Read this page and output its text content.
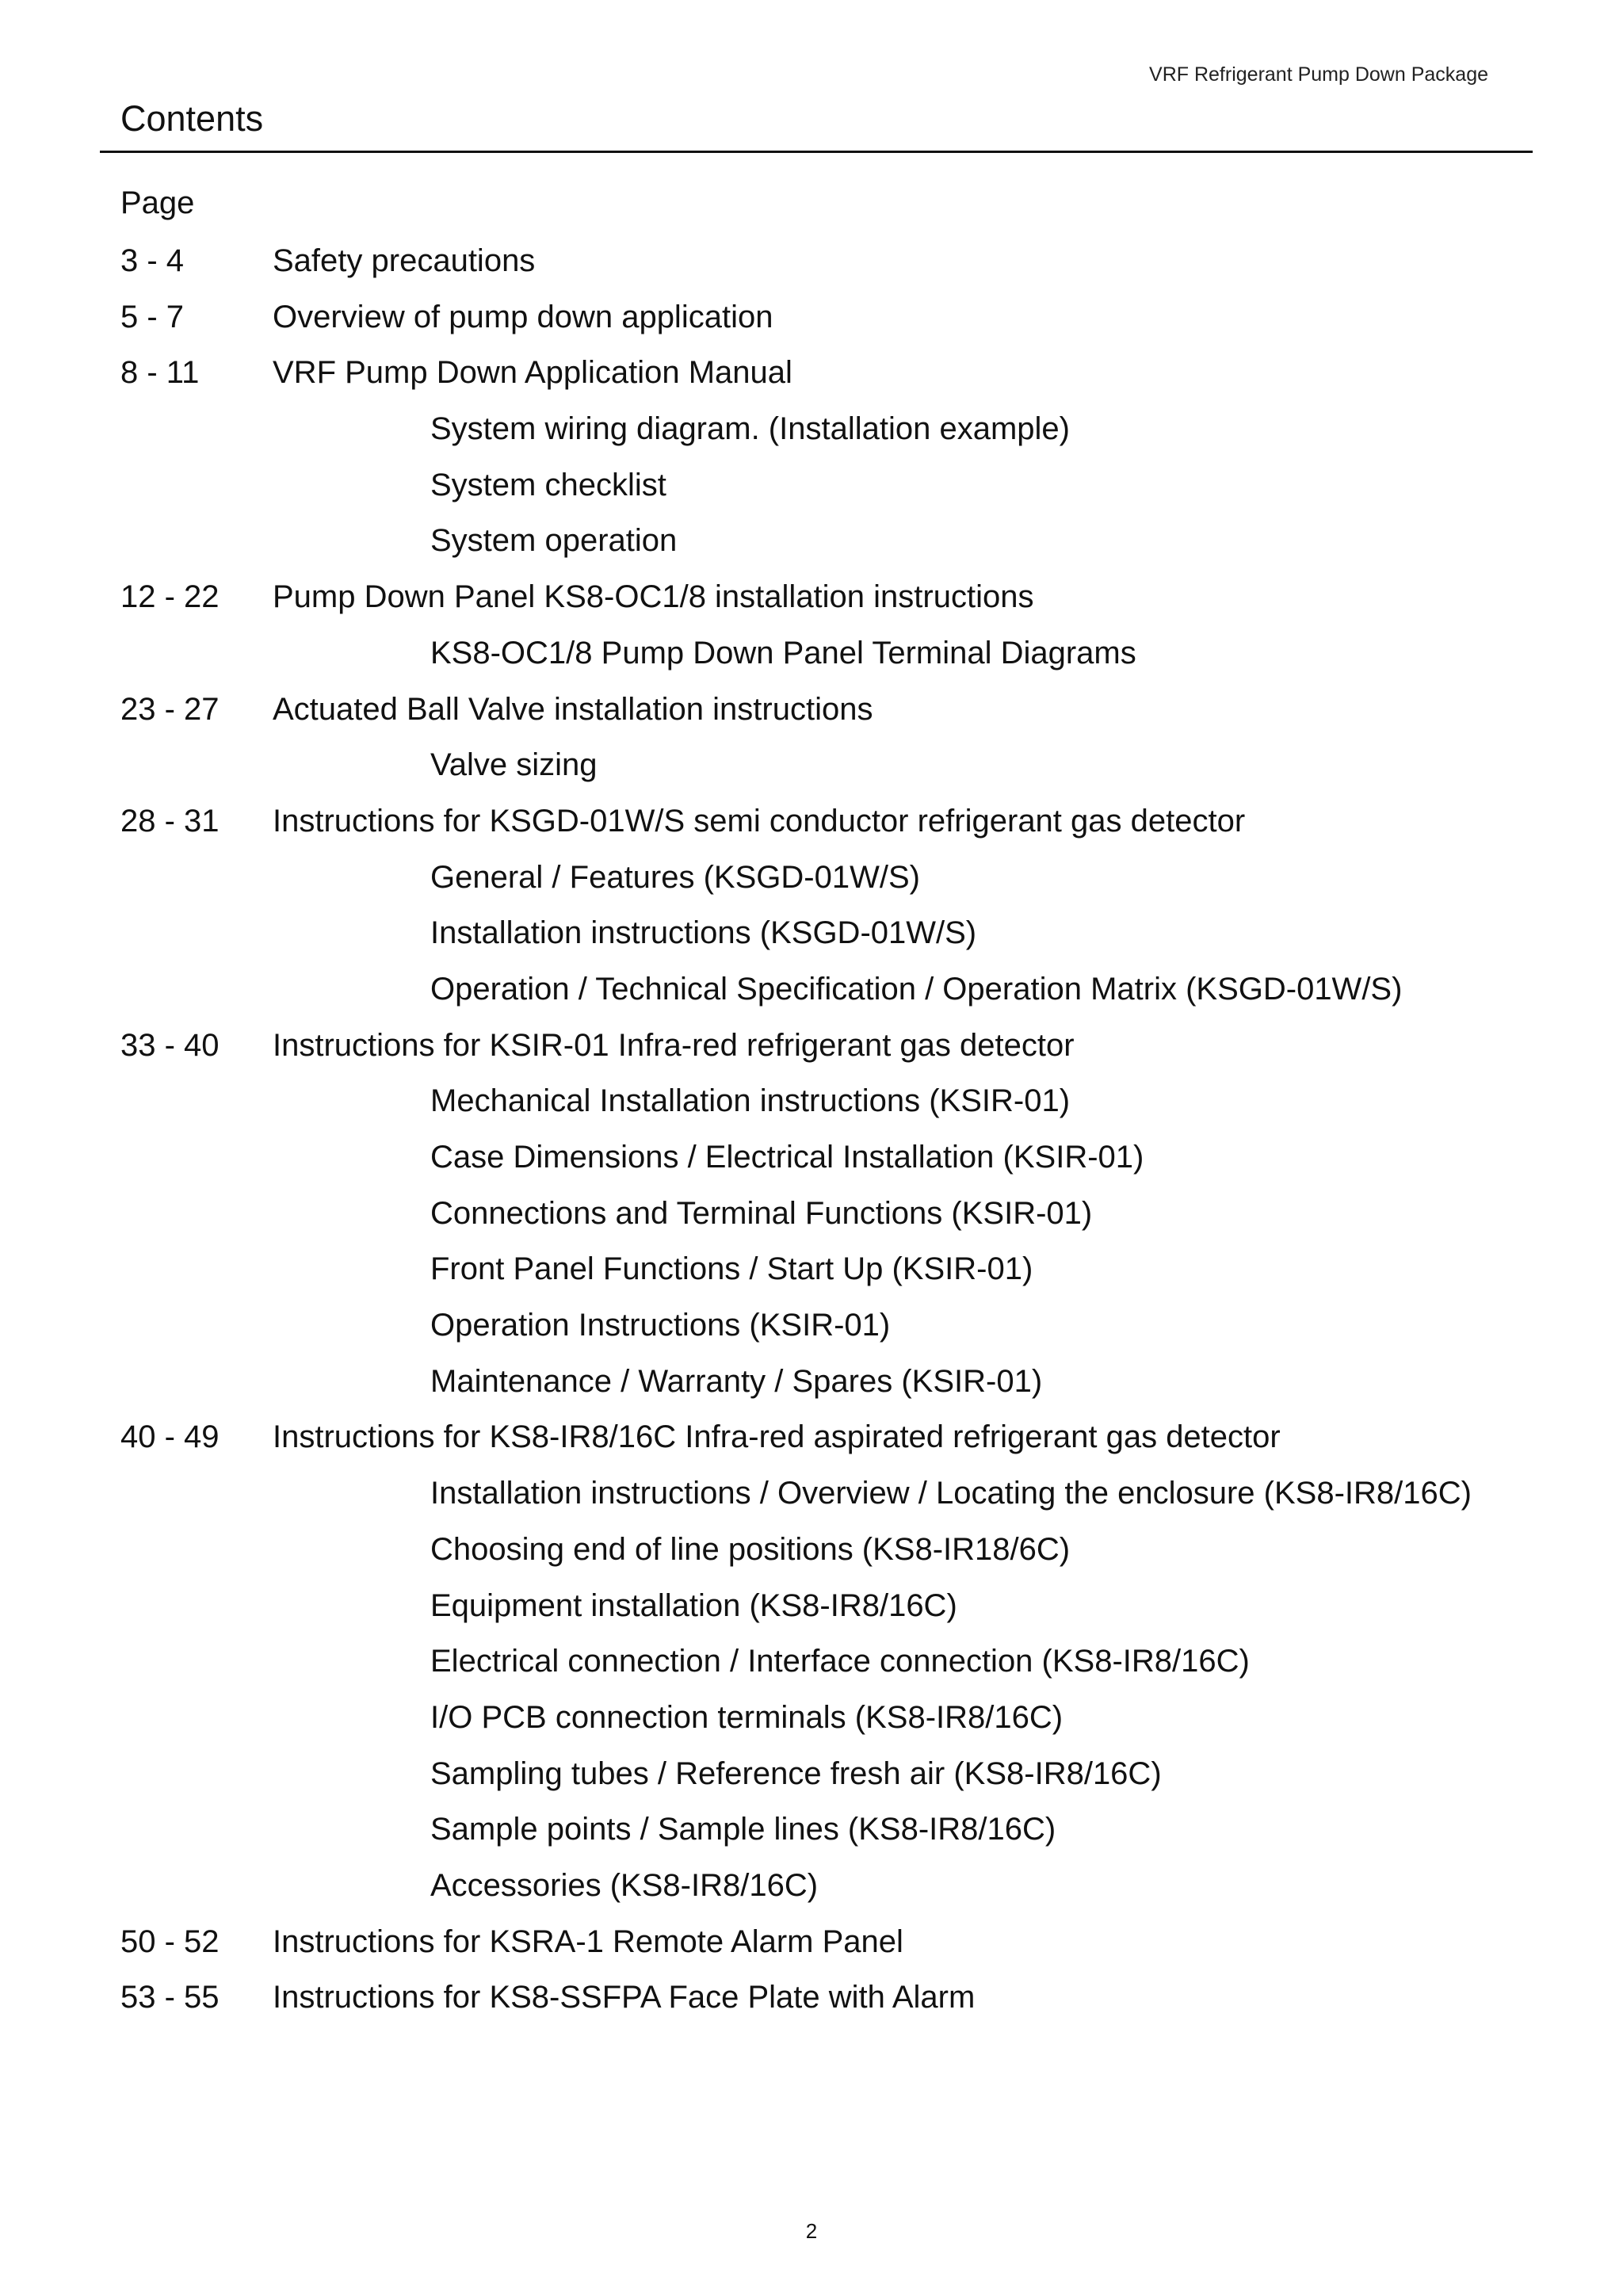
VRF Refrigerant Pump Down Package
Contents
Page
3 - 4	Safety precautions
5 - 7	Overview of pump down application
8 - 11 VRF Pump Down Application Manual
System wiring diagram. (Installation example)
System checklist
System operation
12 - 22 Pump Down Panel KS8-OC1/8 installation instructions
KS8-OC1/8 Pump Down Panel Terminal Diagrams
23 - 27 Actuated Ball Valve installation instructions
Valve sizing
28 - 31 Instructions for KSGD-01W/S semi conductor refrigerant gas detector
General / Features (KSGD-01W/S)
Installation instructions (KSGD-01W/S)
Operation / Technical Specification / Operation Matrix (KSGD-01W/S)
33 - 40 Instructions for KSIR-01 Infra-red refrigerant gas detector
Mechanical Installation instructions (KSIR-01)
Case Dimensions / Electrical Installation (KSIR-01)
Connections and Terminal Functions (KSIR-01)
Front Panel Functions / Start Up (KSIR-01)
Operation Instructions (KSIR-01)
Maintenance / Warranty / Spares (KSIR-01)
40 - 49 Instructions for KS8-IR8/16C Infra-red aspirated refrigerant gas detector
Installation instructions / Overview / Locating the enclosure (KS8-IR8/16C)
Choosing end of line positions (KS8-IR18/6C)
Equipment installation (KS8-IR8/16C)
Electrical connection / Interface connection (KS8-IR8/16C)
I/O PCB connection terminals (KS8-IR8/16C)
Sampling tubes / Reference fresh air (KS8-IR8/16C)
Sample points / Sample lines (KS8-IR8/16C)
Accessories (KS8-IR8/16C)
50 - 52 Instructions for KSRA-1 Remote Alarm Panel
53 - 55 Instructions for KS8-SSFPA Face Plate with Alarm
2
